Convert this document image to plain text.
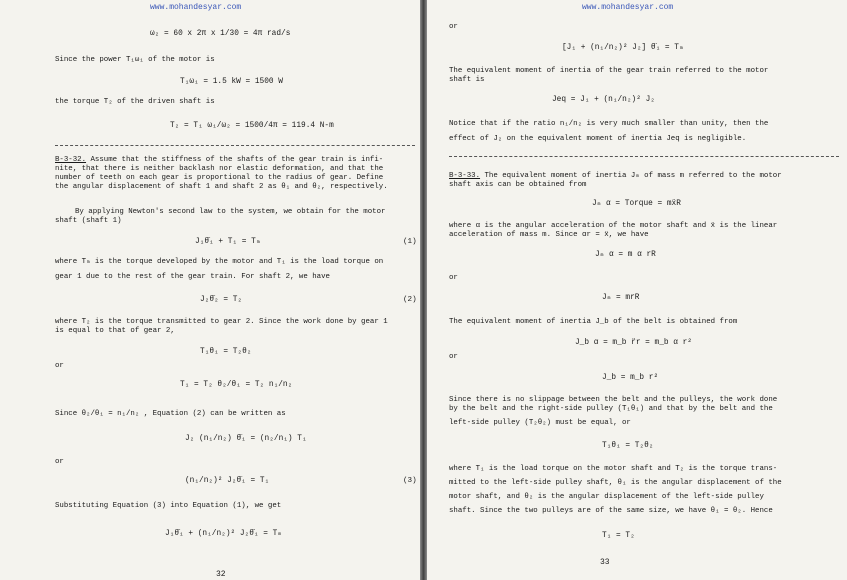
www.mohandesyar.com
ω₂ = 60 x 2π x 1/30 = 4π rad/s
Since the power T₁ω₁ of the motor is
T₁ω₁ = 1.5 kW = 1500 W
the torque T₂ of the driven shaft is
T₂ = T₁ ω₁/ω₂ = 1500/4π = 119.4 N-m
B-3-32. Assume that the stiffness of the shafts of the gear train is infi-
nite, that there is neither backlash nor elastic deformation, and that the
number of teeth on each gear is proportional to the radius of gear. Define
the angular displacement of shaft 1 and shaft 2 as θ₁ and θ₂, respectively.
By applying Newton's second law to the system, we obtain for the motor
shaft (shaft 1)
J₁θ̈₁ + T₁ = Tₘ	(1)
where Tₘ is the torque developed by the motor and T₁ is the load torque on
gear 1 due to the rest of the gear train. For shaft 2, we have
J₂θ̈₂ = T₂	(2)
where T₂ is the torque transmitted to gear 2. Since the work done by gear 1
is equal to that of gear 2,
T₁θ₁ = T₂θ₂
or
T₁ = T₂ θ₂/θ₁ = T₂ n₁/n₂
Since θ₂/θ₁ = n₁/n₂ , Equation (2) can be written as
J₂ (n₁/n₂) θ̈₁ = (n₂/n₁) T₁
or
(n₁/n₂)² J₂θ̈₁ = T₁	(3)
Substituting Equation (3) into Equation (1), we get
J₁θ̈₁ + (n₁/n₂)² J₂θ̈₁ = Tₘ
32
www.mohandesyar.com
or
[J₁ + (n₁/n₂)² J₂] θ̈₁ = Tₘ
The equivalent moment of inertia of the gear train referred to the motor
shaft is
Jeq = J₁ + (n₁/n₂)² J₂
Notice that if the ratio n₁/n₂ is very much smaller than unity, then the
effect of J₂ on the equivalent moment of inertia Jeq is negligible.
B-3-33. The equivalent moment of inertia Jₘ of mass m referred to the motor
shaft axis can be obtained from
Jₘ α = Torque = mẍR
where α is the angular acceleration of the motor shaft and ẍ is the linear
acceleration of mass m. Since αr = ẍ, we have
Jₘ α = m α rR
or
Jₘ = mrR
The equivalent moment of inertia J_b of the belt is obtained from
J_b α = m_b r̈r = m_b α r²
or
J_b = m_b r²
Since there is no slippage between the belt and the pulleys, the work done
by the belt and the right-side pulley (T₁θ₁) and that by the belt and the
left-side pulley (T₂θ₂) must be equal, or
T₁θ₁ = T₂θ₂
where T₁ is the load torque on the motor shaft and T₂ is the torque trans-
mitted to the left-side pulley shaft, θ₁ is the angular displacement of the
motor shaft, and θ₂ is the angular displacement of the left-side pulley
shaft. Since the two pulleys are of the same size, we have θ₁ = θ₂. Hence
T₁ = T₂
33
